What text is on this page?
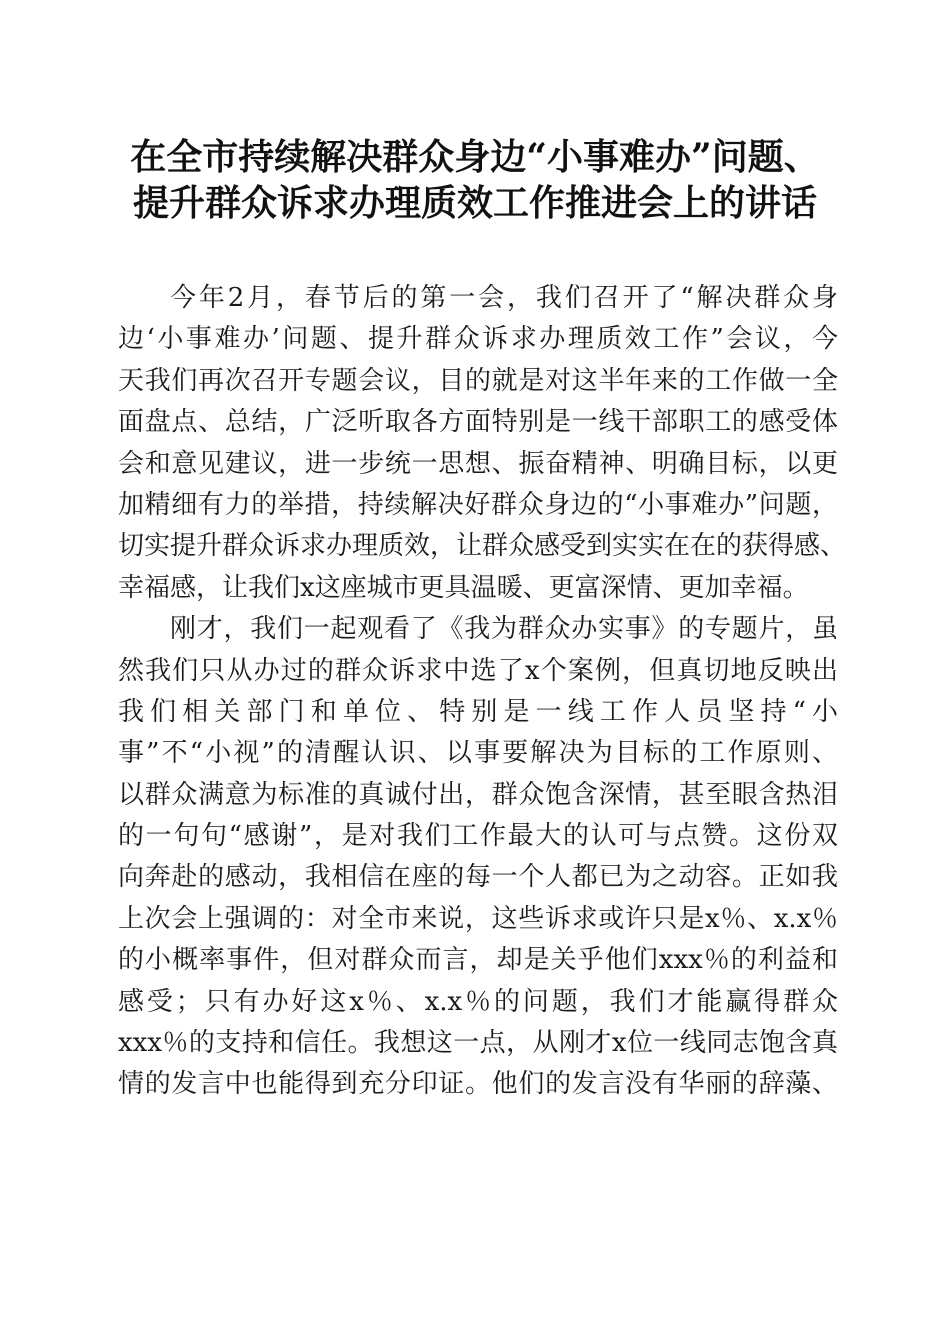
在全市持续解决群众身边“小事难办”问题、
提升群众诉求办理质效工作推进会上的讲话
今年2月，春节后的第一会，我们召开了“解决群众身
边‘小事难办’问题、提升群众诉求办理质效工作”会议，今
天我们再次召开专题会议，目的就是对这半年来的工作做一全
面盘点、总结，广泛听取各方面特别是一线干部职工的感受体
会和意见建议，进一步统一思想、振奋精神、明确目标，以更
加精细有力的举措，持续解决好群众身边的“小事难办”问题，
切实提升群众诉求办理质效，让群众感受到实实在在的获得感、
幸福感，让我们x这座城市更具温暖、更富深情、更加幸福。
刚才，我们一起观看了《我为群众办实事》的专题片，虽
然我们只从办过的群众诉求中选了x个案例，但真切地反映出
我们相关部门和单位、特别是一线工作人员坚持“小
事”不“小视”的清醒认识、以事要解决为目标的工作原则、
以群众满意为标准的真诚付出，群众饱含深情，甚至眼含热泪
的一句句“感谢”，是对我们工作最大的认可与点赞。这份双
向奔赴的感动，我相信在座的每一个人都已为之动容。正如我
上次会上强调的：对全市来说，这些诉求或许只是x％、x.x％
的小概率事件，但对群众而言，却是关乎他们xxx％的利益和
感受；只有办好这x％、x.x％的问题，我们才能赢得群众
xxx％的支持和信任。我想这一点，从刚才x位一线同志饱含真
情的发言中也能得到充分印证。他们的发言没有华丽的辞藻、
